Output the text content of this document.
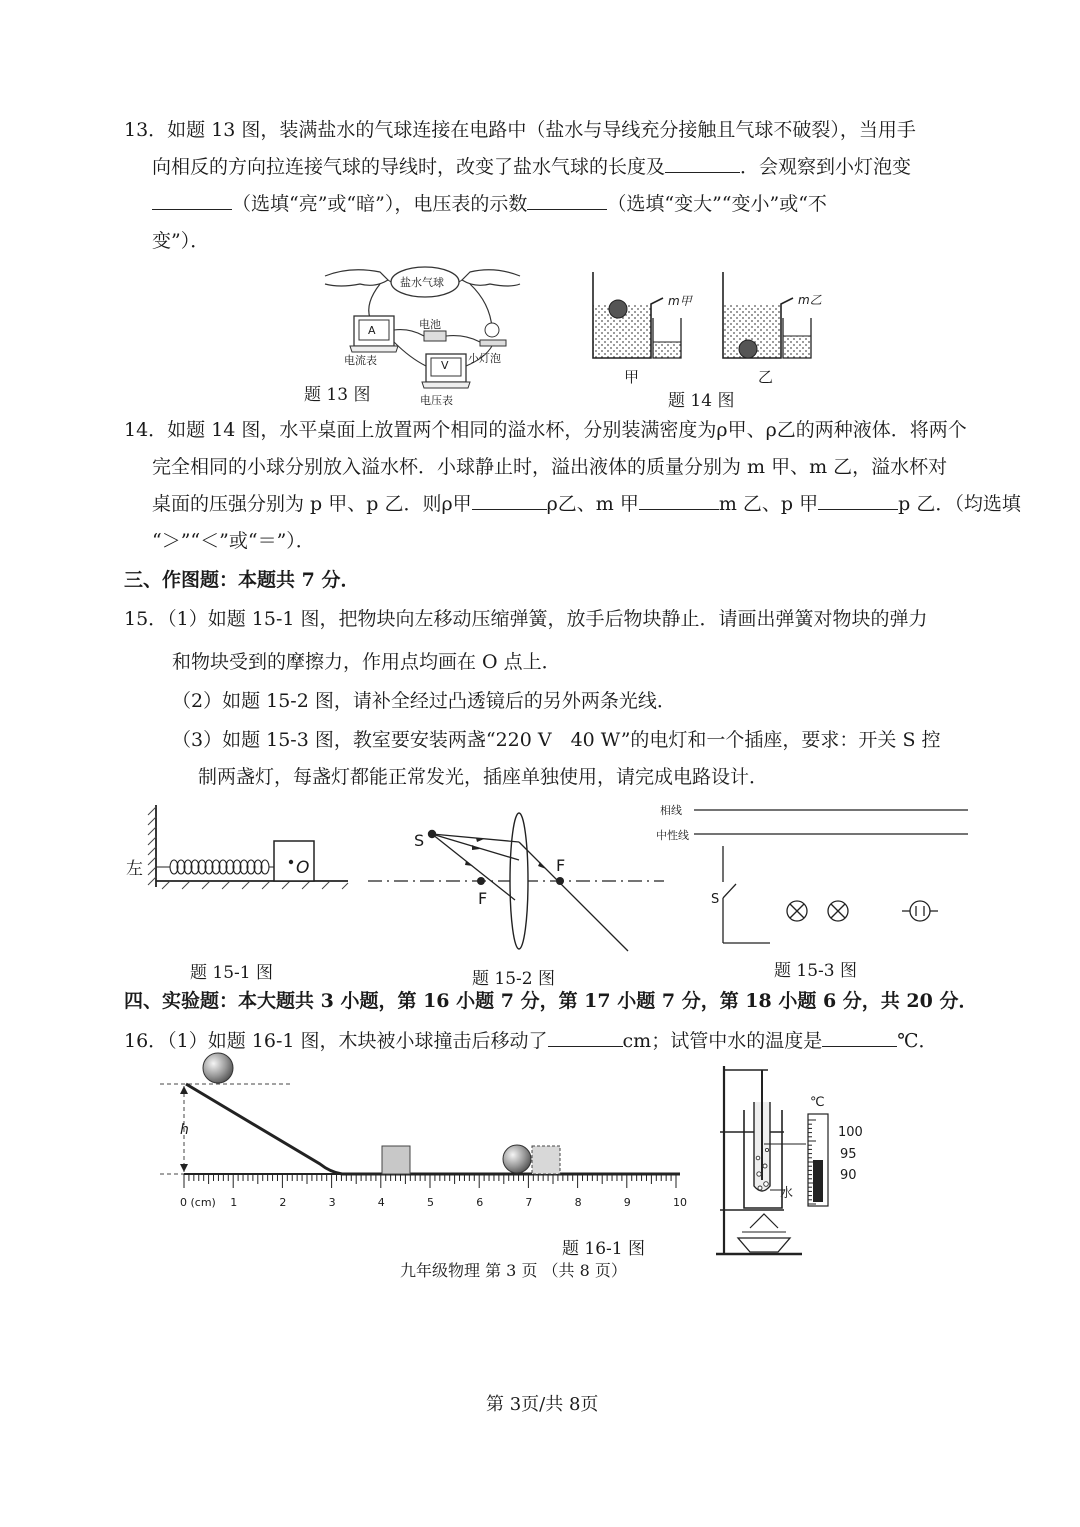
13．如题 13 图，装满盐水的气球连接在电路中（盐水与导线充分接触且气球不破裂），当用手
向相反的方向拉连接气球的导线时，改变了盐水气球的长度及	．会观察到小灯泡变
（选填“亮”或“暗”），电压表的示数	（选填“变大”“变小”或“不
变”）．
盐水气球
A	电池
电流表	小灯泡
V
电压表
题 13 图
m甲	m乙
甲	乙
题 14 图
14．如题 14 图，水平桌面上放置两个相同的溢水杯，分别装满密度为ρ甲、ρ乙的两种液体．将两个
完全相同的小球分别放入溢水杯．小球静止时，溢出液体的质量分别为 m 甲、m 乙，溢水杯对
桌面的压强分别为 p 甲、p 乙．则ρ甲	ρ乙、m 甲	m 乙、p 甲	p 乙．（均选填
“＞”“＜”或“＝”）．
三、作图题：本题共 7 分．
15．（1）如题 15-1 图，把物块向左移动压缩弹簧，放手后物块静止．请画出弹簧对物块的弹力
和物块受到的摩擦力，作用点均画在 O 点上．
（2）如题 15-2 图，请补全经过凸透镜后的另外两条光线．
（3）如题 15-3 图，教室要安装两盏“220 V　40 W”的电灯和一个插座，要求：开关 S 控
制两盏灯，每盏灯都能正常发光，插座单独使用，请完成电路设计．
左	O
题 15-1 图
S
F
F
题 15-2 图
相线
中性线
S
题 15-3 图
四、实验题：本大题共 3 小题，第 16 小题 7 分，第 17 小题 7 分，第 18 小题 6 分，共 20 分．
16．（1）如题 16-1 图，木块被小球撞击后移动了	cm；试管中水的温度是	℃．
h
0 (cm) 1	2	3	4	5	6	7	8	9	10
题 16-1 图
℃
100
95
90
水
九年级物理 第 3 页 （共 8 页）
第 3页/共 8页
